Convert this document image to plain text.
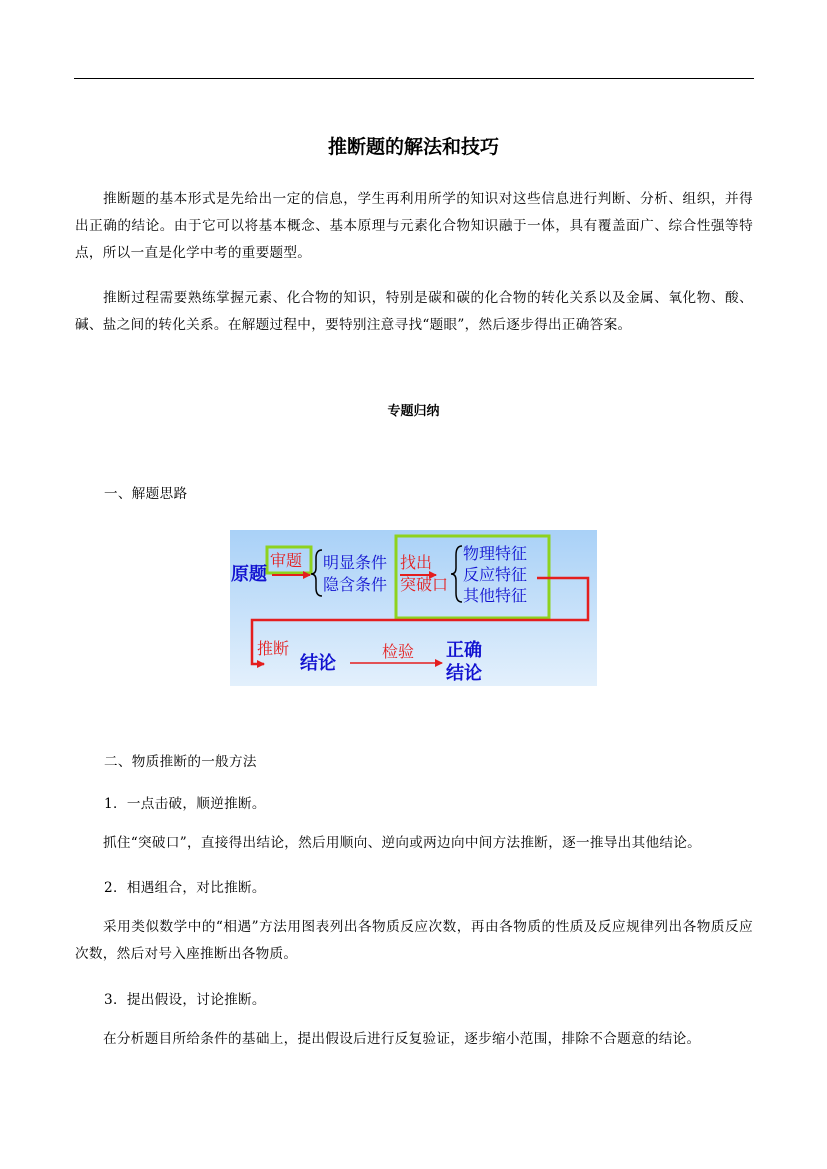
推断题的解法和技巧

推断题的基本形式是先给出一定的信息，学生再利用所学的知识对这些信息进行判断、分析、组织，并得出正确的结论。由于它可以将基本概念、基本原理与元素化合物知识融于一体，具有覆盖面广、综合性强等特点，所以一直是化学中考的重要题型。

推断过程需要熟练掌握元素、化合物的知识，特别是碳和碳的化合物的转化关系以及金属、氧化物、酸、碱、盐之间的转化关系。在解题过程中，要特别注意寻找“题眼”，然后逐步得出正确答案。

专题归纳

一、解题思路

原题
审题 明显条件
隐含条件
找出
突破口
物理特征
反应特征
其他特征
推断
结论
检验 正确
结论

二、物质推断的一般方法

1．一点击破，顺逆推断。

抓住“突破口”，直接得出结论，然后用顺向、逆向或两边向中间方法推断，逐一推导出其他结论。

2．相遇组合，对比推断。

采用类似数学中的“相遇”方法用图表列出各物质反应次数，再由各物质的性质及反应规律列出各物质反应次数，然后对号入座推断出各物质。

3．提出假设，讨论推断。

在分析题目所给条件的基础上，提出假设后进行反复验证，逐步缩小范围，排除不合题意的结论。
